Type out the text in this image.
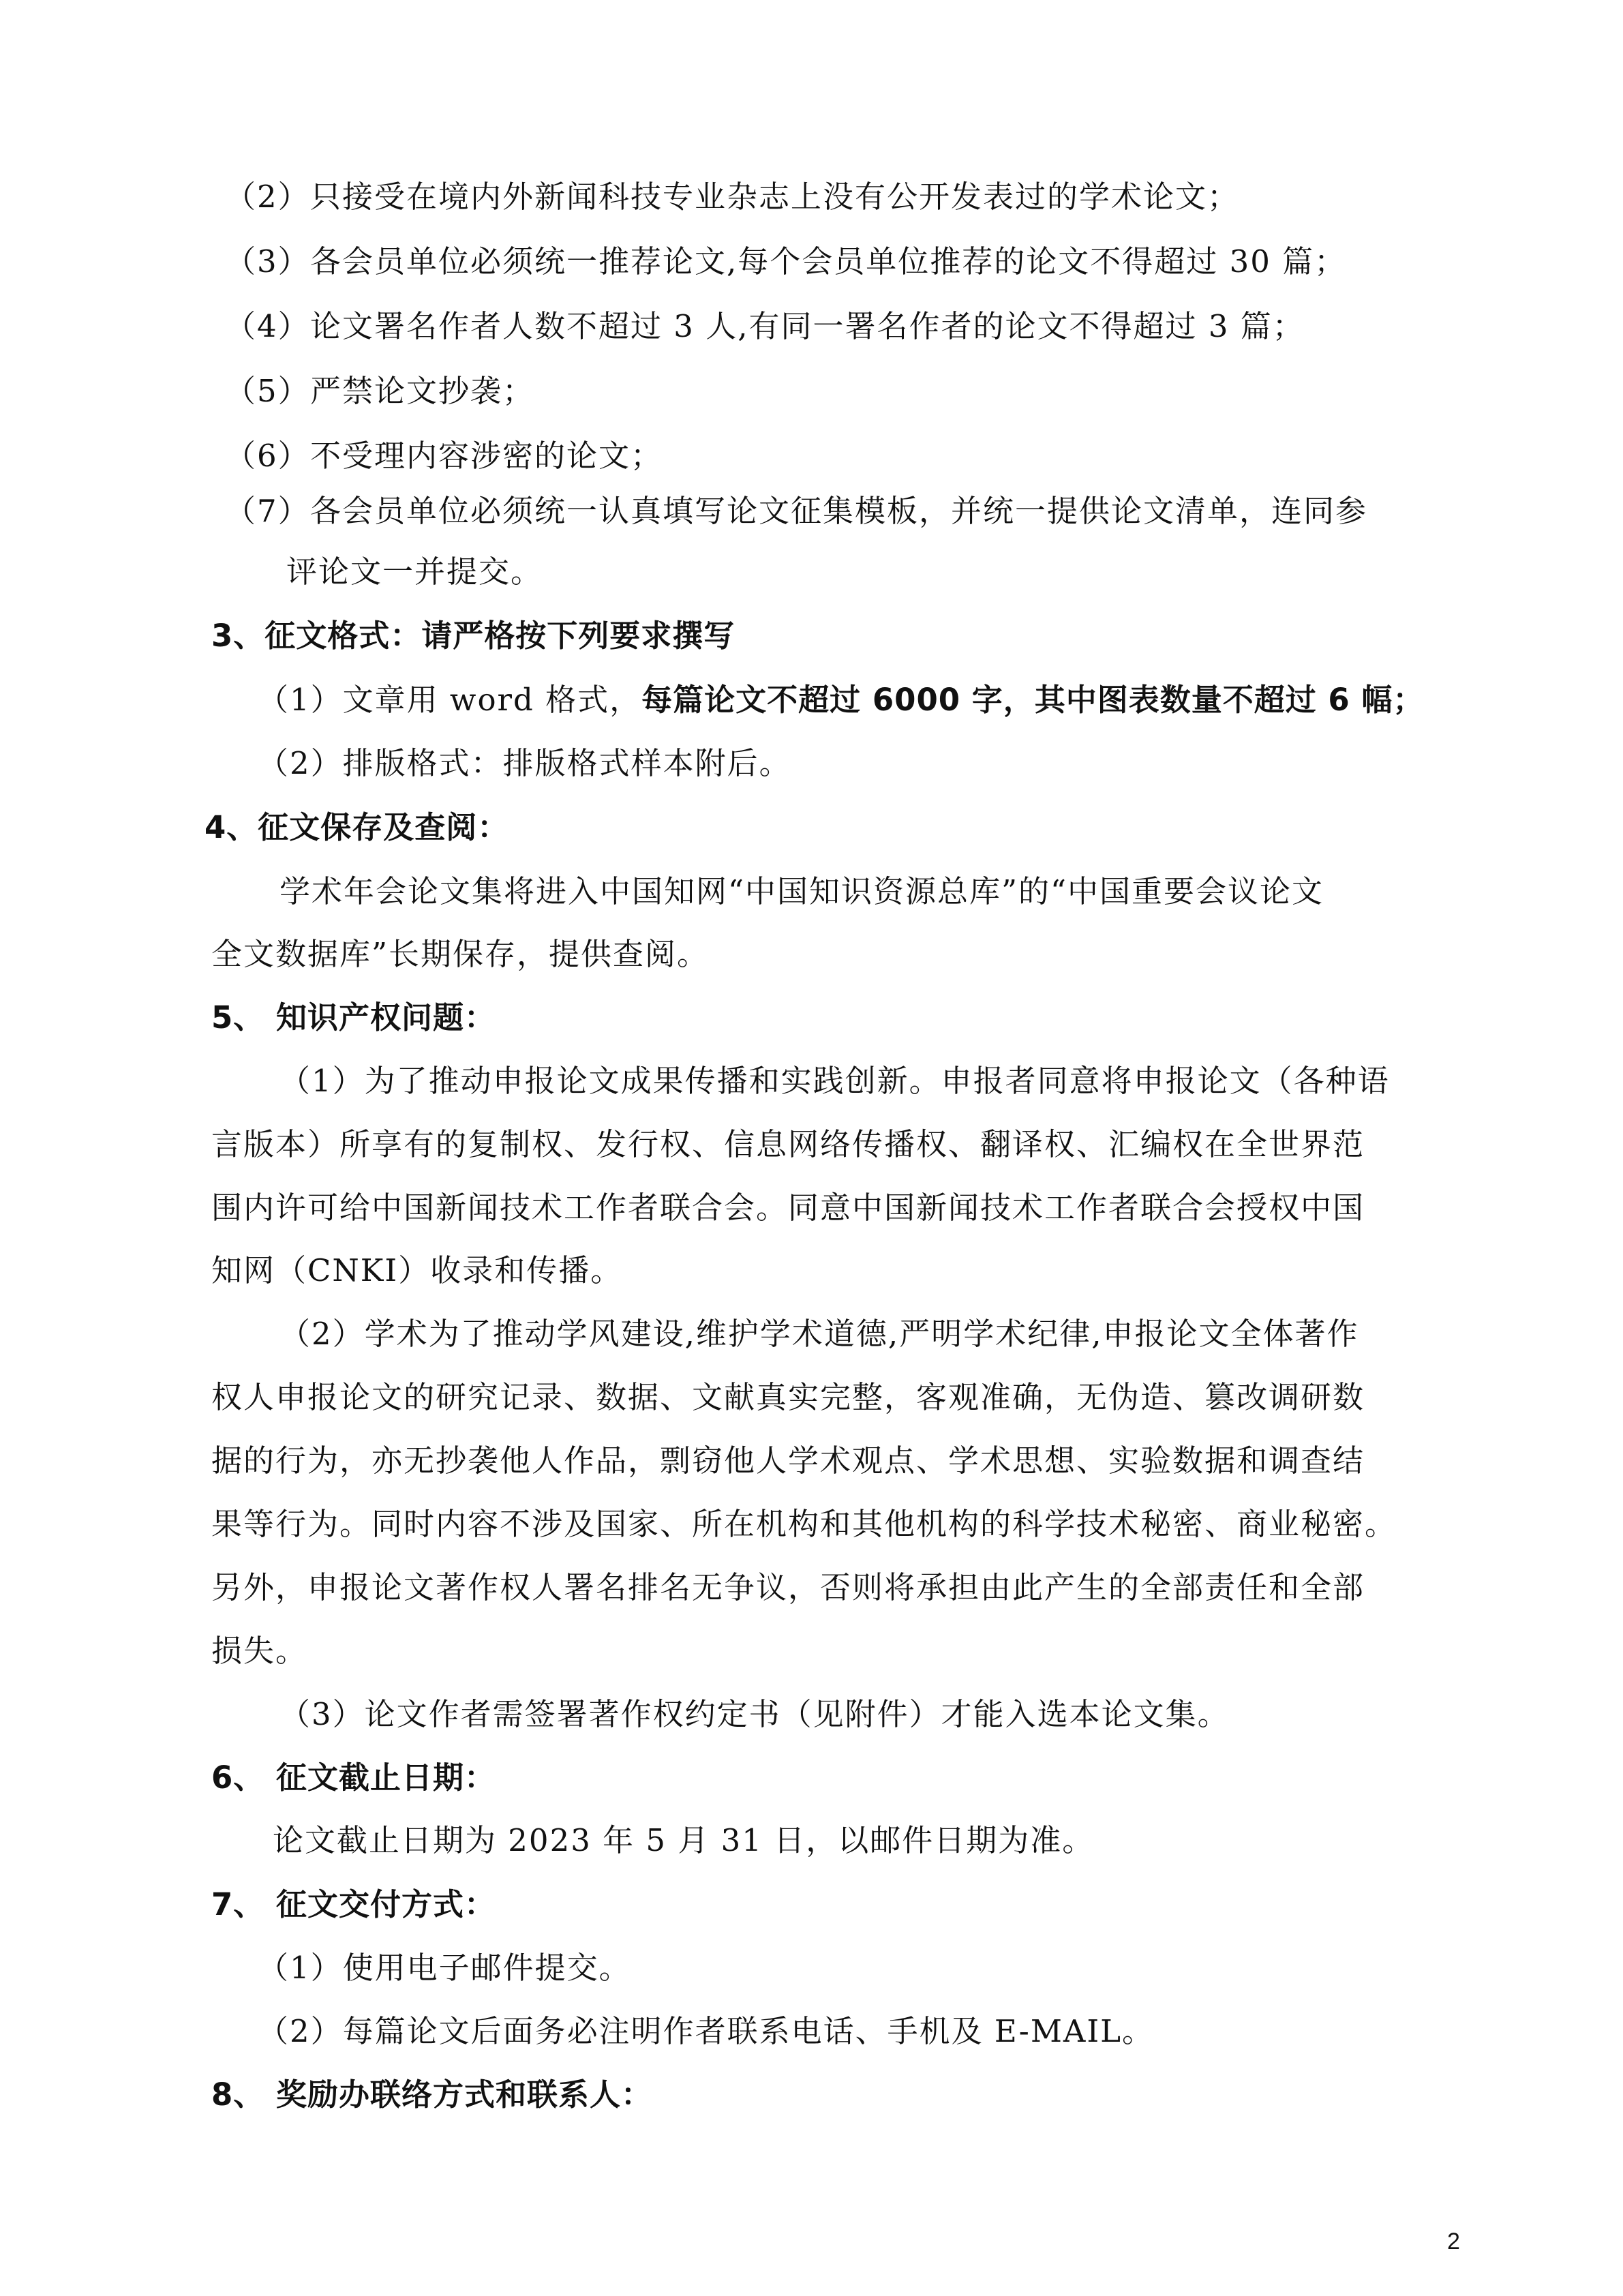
（2） 只接受在境内外新闻科技专业杂志上没有公开发表过的学术论文；
（3） 各会员单位必须统一推荐论文,每个会员单位推荐的论文不得超过 30 篇；
（4） 论文署名作者人数不超过 3 人,有同一署名作者的论文不得超过 3 篇；
（5） 严禁论文抄袭；
（6） 不受理内容涉密的论文；
（7） 各会员单位必须统一认真填写论文征集模板，并统一提供论文清单，连同参
评论文一并提交。
3、征文格式：请严格按下列要求撰写
（1）文章用 word 格式，每篇论文不超过 6000 字，其中图表数量不超过 6 幅；
（2）排版格式：排版格式样本附后。
4、征文保存及查阅：
学术年会论文集将进入中国知网“中国知识资源总库”的“中国重要会议论文
全文数据库”长期保存，提供查阅。
5、 知识产权问题：
（1）为了推动申报论文成果传播和实践创新。申报者同意将申报论文（各种语
言版本）所享有的复制权、发行权、信息网络传播权、翻译权、汇编权在全世界范
围内许可给中国新闻技术工作者联合会。同意中国新闻技术工作者联合会授权中国
知网（CNKI）收录和传播。
（2）学术为了推动学风建设,维护学术道德,严明学术纪律,申报论文全体著作
权人申报论文的研究记录、数据、文献真实完整，客观准确，无伪造、篡改调研数
据的行为，亦无抄袭他人作品，剽窃他人学术观点、学术思想、实验数据和调查结
果等行为。同时内容不涉及国家、所在机构和其他机构的科学技术秘密、商业秘密。
另外，申报论文著作权人署名排名无争议，否则将承担由此产生的全部责任和全部
损失。
（3）论文作者需签署著作权约定书（见附件）才能入选本论文集。
6、 征文截止日期：
论文截止日期为 2023 年 5 月 31 日，以邮件日期为准。
7、 征文交付方式：
（1）使用电子邮件提交。
（2）每篇论文后面务必注明作者联系电话、手机及 E-MAIL。
8、 奖励办联络方式和联系人：
2
